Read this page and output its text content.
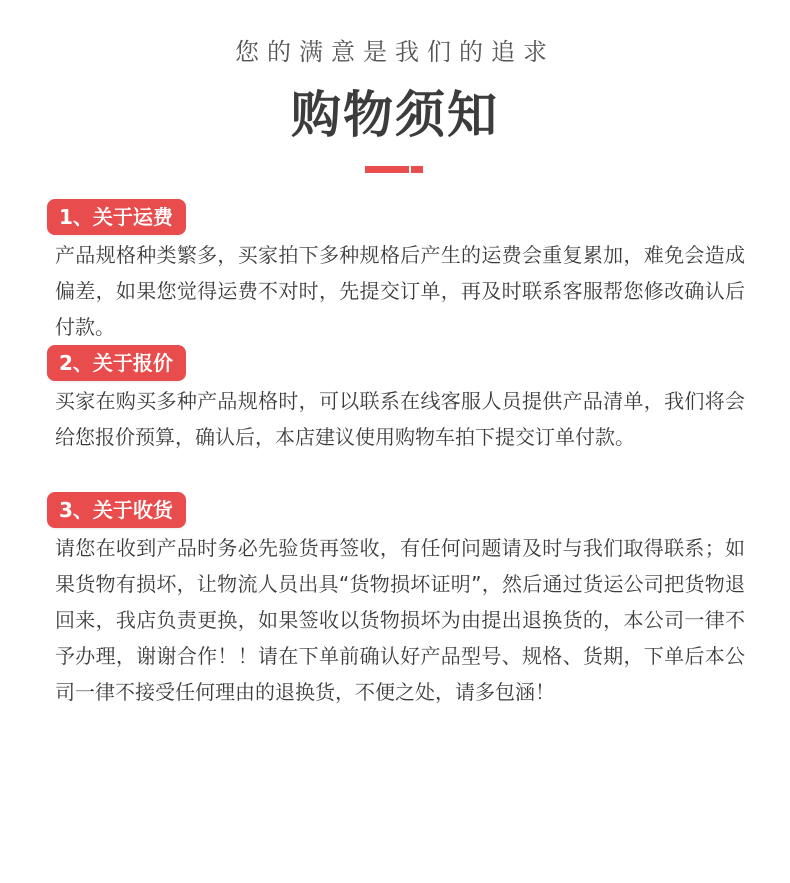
您的满意是我们的追求
购物须知
1、关于运费

产品规格种类繁多，买家拍下多种规格后产生的运费会重复累加，难免会造成偏差，如果您觉得运费不对时，先提交订单，再及时联系客服帮您修改确认后付款。

2、关于报价

买家在购买多种产品规格时，可以联系在线客服人员提供产品清单，我们将会给您报价预算，确认后，本店建议使用购物车拍下提交订单付款。

3、关于收货

请您在收到产品时务必先验货再签收，有任何问题请及时与我们取得联系；如果货物有损坏，让物流人员出具“货物损坏证明”，然后通过货运公司把货物退回来，我店负责更换，如果签收以货物损坏为由提出退换货的，本公司一律不予办理，谢谢合作！！请在下单前确认好产品型号、规格、货期，下单后本公司一律不接受任何理由的退换货，不便之处，请多包涵！
